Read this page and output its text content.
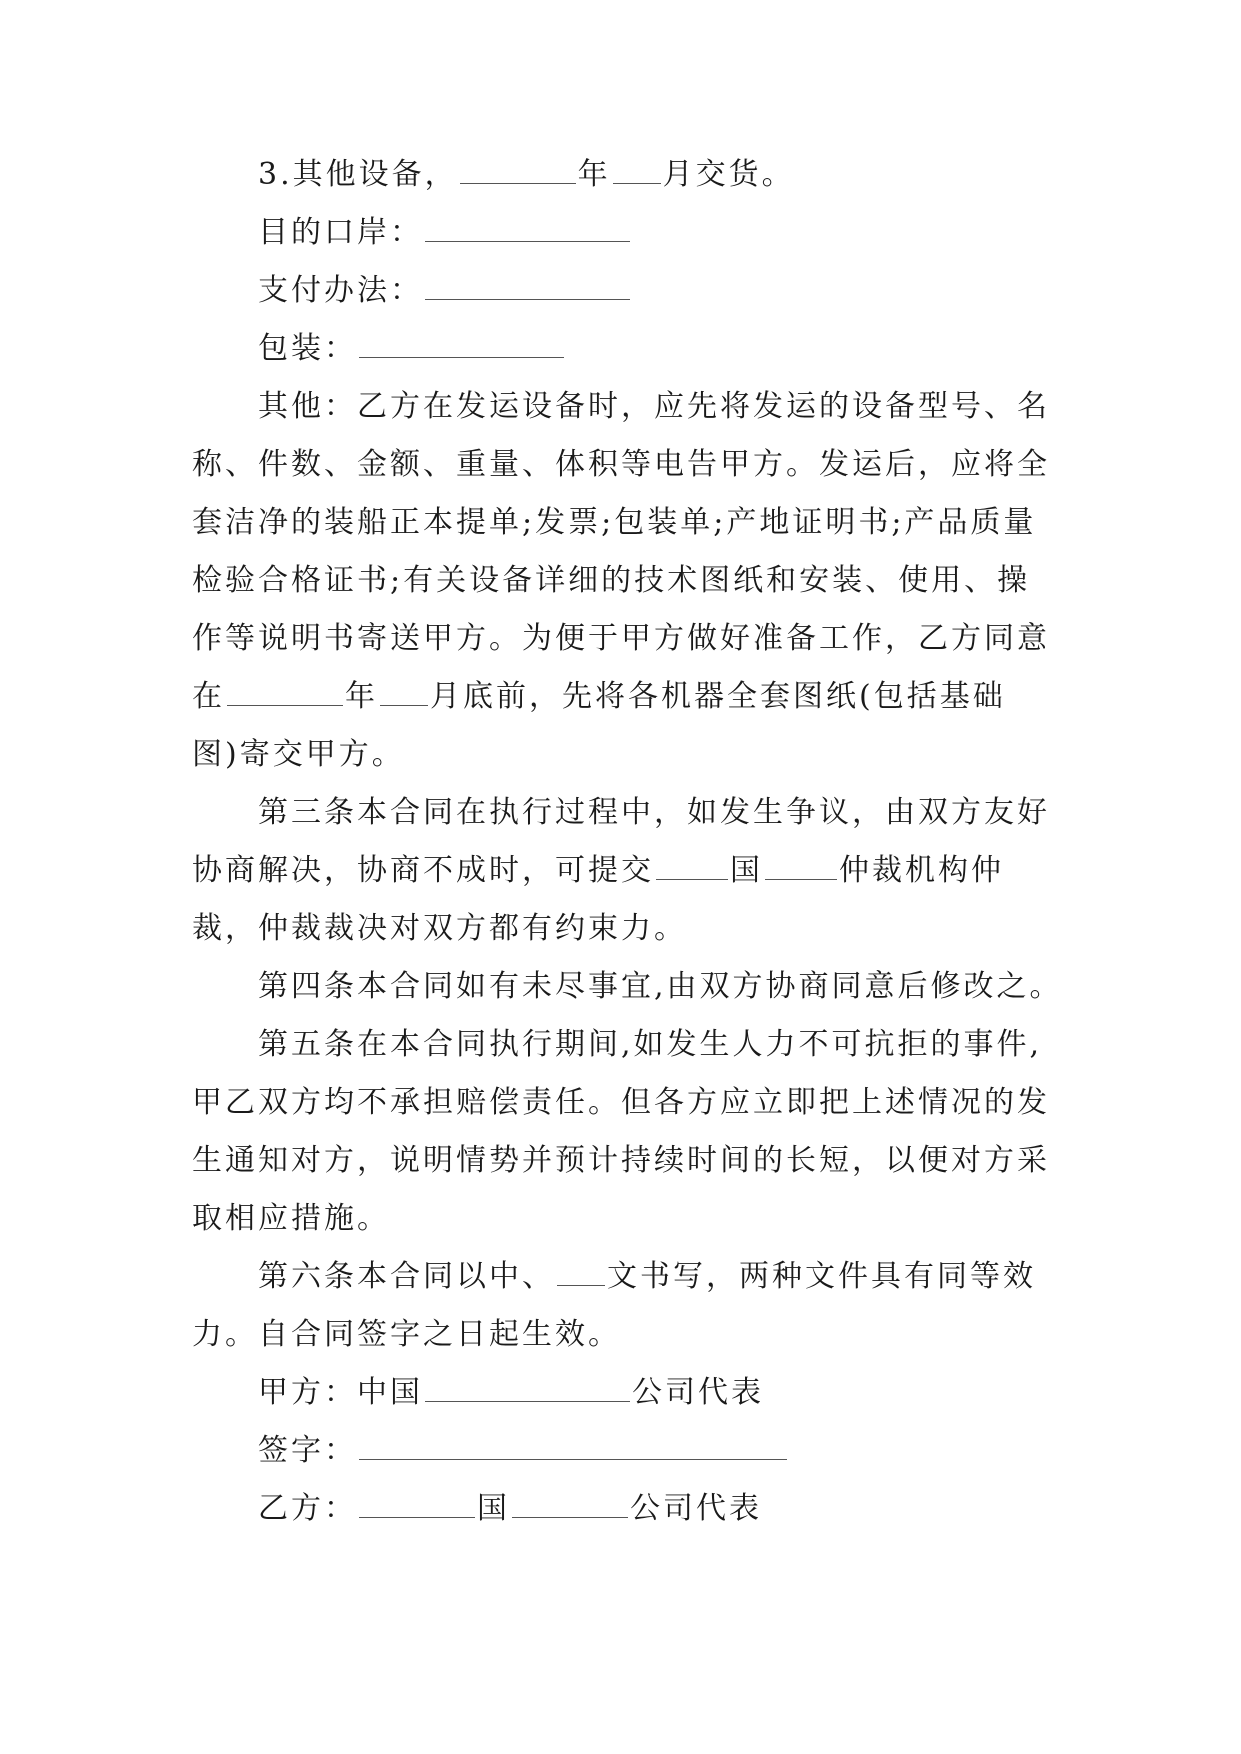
3.其他设备，	年 月交货。
目的口岸：
支付办法：
包装：
其他：乙方在发运设备时，应先将发运的设备型号、名
称、件数、金额、重量、体积等电告甲方。发运后，应将全
套洁净的装船正本提单;发票;包装单;产地证明书;产品质量
检验合格证书;有关设备详细的技术图纸和安装、使用、操
作等说明书寄送甲方。为便于甲方做好准备工作，乙方同意
在	年 月底前，先将各机器全套图纸(包括基础
图)寄交甲方。
第三条本合同在执行过程中，如发生争议，由双方友好
协商解决，协商不成时，可提交	国	仲裁机构仲
裁，仲裁裁决对双方都有约束力。
第四条本合同如有未尽事宜,由双方协商同意后修改之。
第五条在本合同执行期间,如发生人力不可抗拒的事件,
甲乙双方均不承担赔偿责任。但各方应立即把上述情况的发
生通知对方，说明情势并预计持续时间的长短，以便对方采
取相应措施。
第六条本合同以中、 文书写，两种文件具有同等效
力。自合同签字之日起生效。
甲方：中国	公司代表
签字：
乙方：	国	公司代表
